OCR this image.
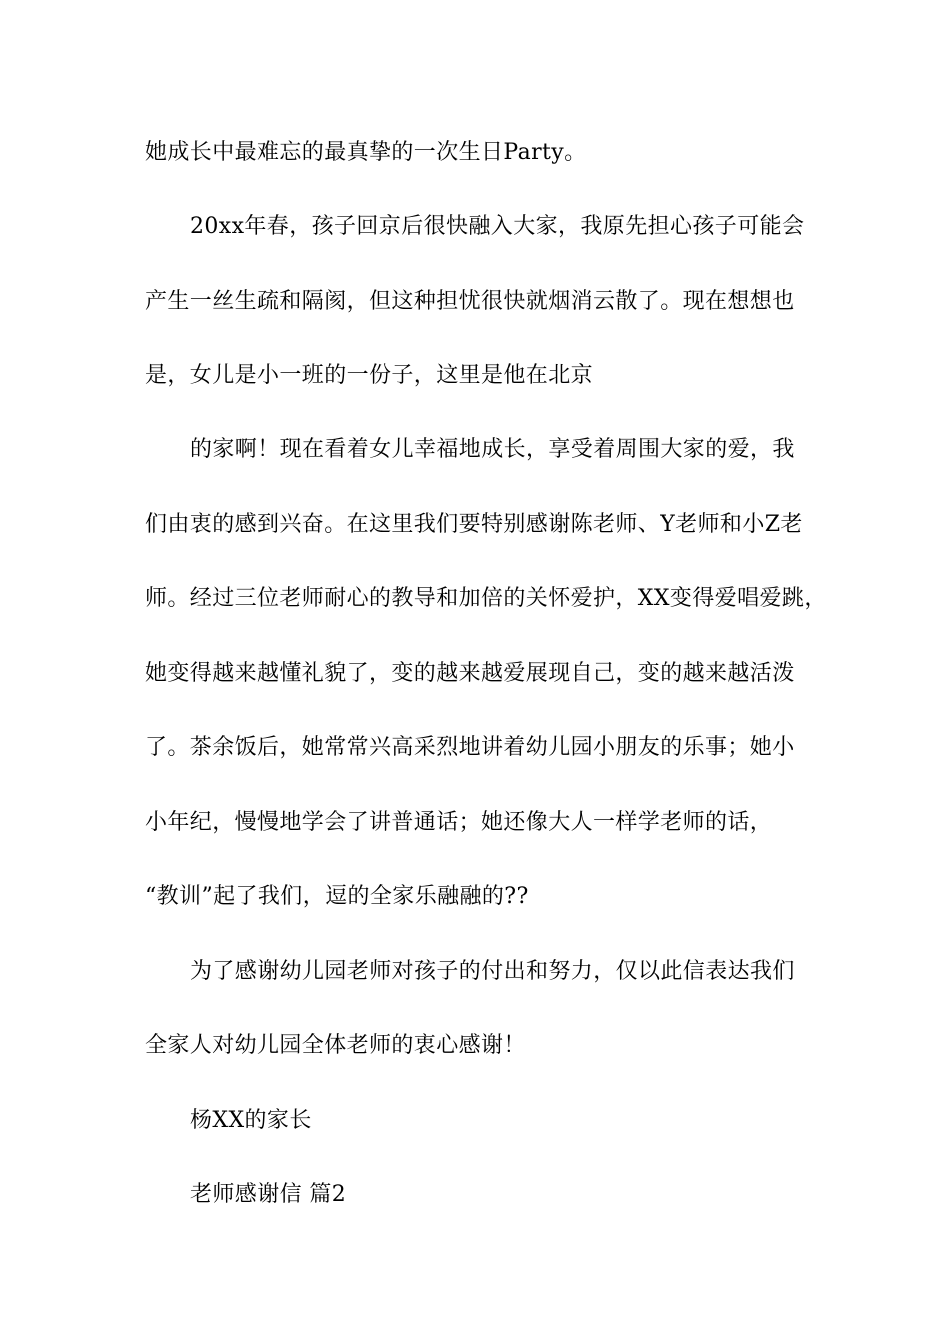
她成长中最难忘的最真挚的一次生日Party。
20xx年春，孩子回京后很快融入大家，我原先担心孩子可能会
产生一丝生疏和隔阂，但这种担忧很快就烟消云散了。现在想想也
是，女儿是小一班的一份子，这里是他在北京
的家啊！现在看着女儿幸福地成长，享受着周围大家的爱，我
们由衷的感到兴奋。在这里我们要特别感谢陈老师、Y老师和小Z老
师。经过三位老师耐心的教导和加倍的关怀爱护，XX变得爱唱爱跳，
她变得越来越懂礼貌了，变的越来越爱展现自己，变的越来越活泼
了。茶余饭后，她常常兴高采烈地讲着幼儿园小朋友的乐事；她小
小年纪，慢慢地学会了讲普通话；她还像大人一样学老师的话，
“教训”起了我们，逗的全家乐融融的??
为了感谢幼儿园老师对孩子的付出和努力，仅以此信表达我们
全家人对幼儿园全体老师的衷心感谢！
杨XX的家长
老师感谢信 篇2
